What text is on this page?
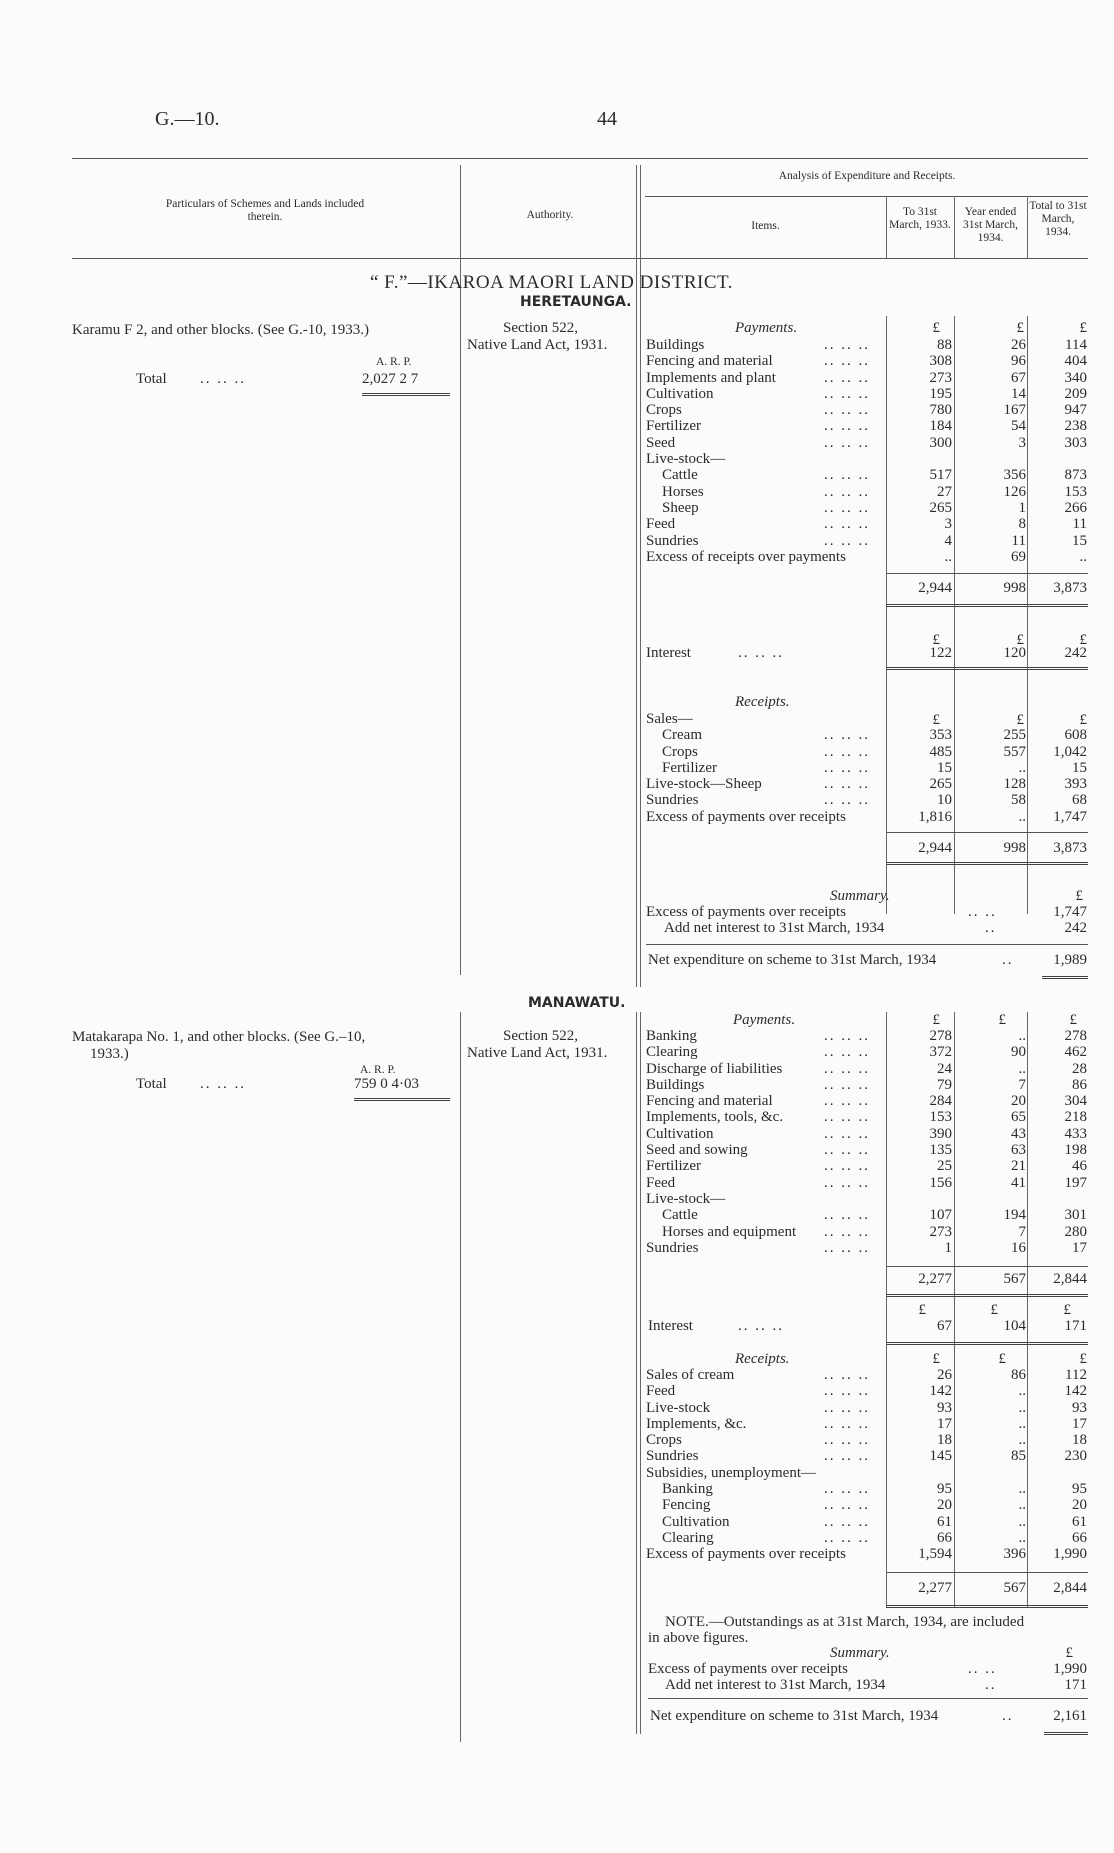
G.—10.	44
Particulars of Schemes and Lands included therein.	Authority.
Analysis of Expenditure and Receipts.
Items.
To 31st March, 1933.
Year ended 31st March, 1934.
Total to 31st March, 1934.
“ F.”—IKAROA MAORI LAND DISTRICT.
HERETAUNGA.
Karamu F 2, and other blocks. (See G.-10, 1933.)
A. R. P.
Total .. .. ..	2,027 2 7
Section 522,
Native Land Act, 1931.
Payments.	£	£	£
Buildings	.. .. ..	88	26	114
Fencing and material	.. .. ..	308	96	404
Implements and plant	.. .. ..	273	67	340
Cultivation	.. .. ..	195	14	209
Crops	.. .. ..	780	167	947
Fertilizer	.. .. ..	184	54	238
Seed	.. .. ..	300	3	303
Live-stock—
Cattle	.. .. ..	517	356	873
Horses	.. .. ..	27	126	153
Sheep	.. .. ..	265	1	266
Feed	.. .. ..	3	8	11
Sundries	.. .. ..	4	11	15
Excess of receipts over payments	..	69	..
2,944	998	3,873
£	£	£
Interest	.. .. ..	122	120	242
Receipts.
£	£	£
Sales—
Cream	.. .. ..	353	255	608
Crops	.. .. ..	485	557	1,042
Fertilizer	.. .. ..	15	..	15
Live-stock—Sheep	.. .. ..	265	128	393
Sundries	.. .. ..	10	58	68
Excess of payments over receipts	1,816	..	1,747
2,944	998	3,873
Summary.	£
Excess of payments over receipts	.. ..	1,747
Add net interest to 31st March, 1934	..	242
Net expenditure on scheme to 31st March, 1934	..	1,989
MANAWATU.
Matakarapa No. 1, and other blocks. (See G.–10,
1933.)
A. R. P.
Total .. .. ..	759 0 4·03
Section 522,
Native Land Act, 1931.
Payments.	£	£	£
Banking	.. .. ..	278	..	278
Clearing	.. .. ..	372	90	462
Discharge of liabilities	.. .. ..	24	..	28
Buildings	.. .. ..	79	7	86
Fencing and material	.. .. ..	284	20	304
Implements, tools, &c.	.. .. ..	153	65	218
Cultivation	.. .. ..	390	43	433
Seed and sowing	.. .. ..	135	63	198
Fertilizer	.. .. ..	25	21	46
Feed	.. .. ..	156	41	197
Live-stock—
Cattle	.. .. ..	107	194	301
Horses and equipment .. .. ..	273	7	280
Sundries	.. .. ..	1	16	17
2,277	567	2,844
£	£	£
Interest	.. .. ..	67	104	171
Receipts.	£	£	£
Sales of cream	.. .. ..	26	86	112
Feed	.. .. ..	142	..	142
Live-stock	.. .. ..	93	..	93
Implements, &c.	.. .. ..	17	..	17
Crops	.. .. ..	18	..	18
Sundries	.. .. ..	145	85	230
Subsidies, unemployment—
Banking	.. .. ..	95	..	95
Fencing	.. .. ..	20	..	20
Cultivation	.. .. ..	61	..	61
Clearing	.. .. ..	66	..	66
Excess of payments over receipts	1,594	396	1,990
2,277	567	2,844
NOTE.—Outstandings as at 31st March, 1934, are included
in above figures.
Summary.	£
Excess of payments over receipts	.. ..	1,990
Add net interest to 31st March, 1934	..	171
Net expenditure on scheme to 31st March, 1934	..	2,161
